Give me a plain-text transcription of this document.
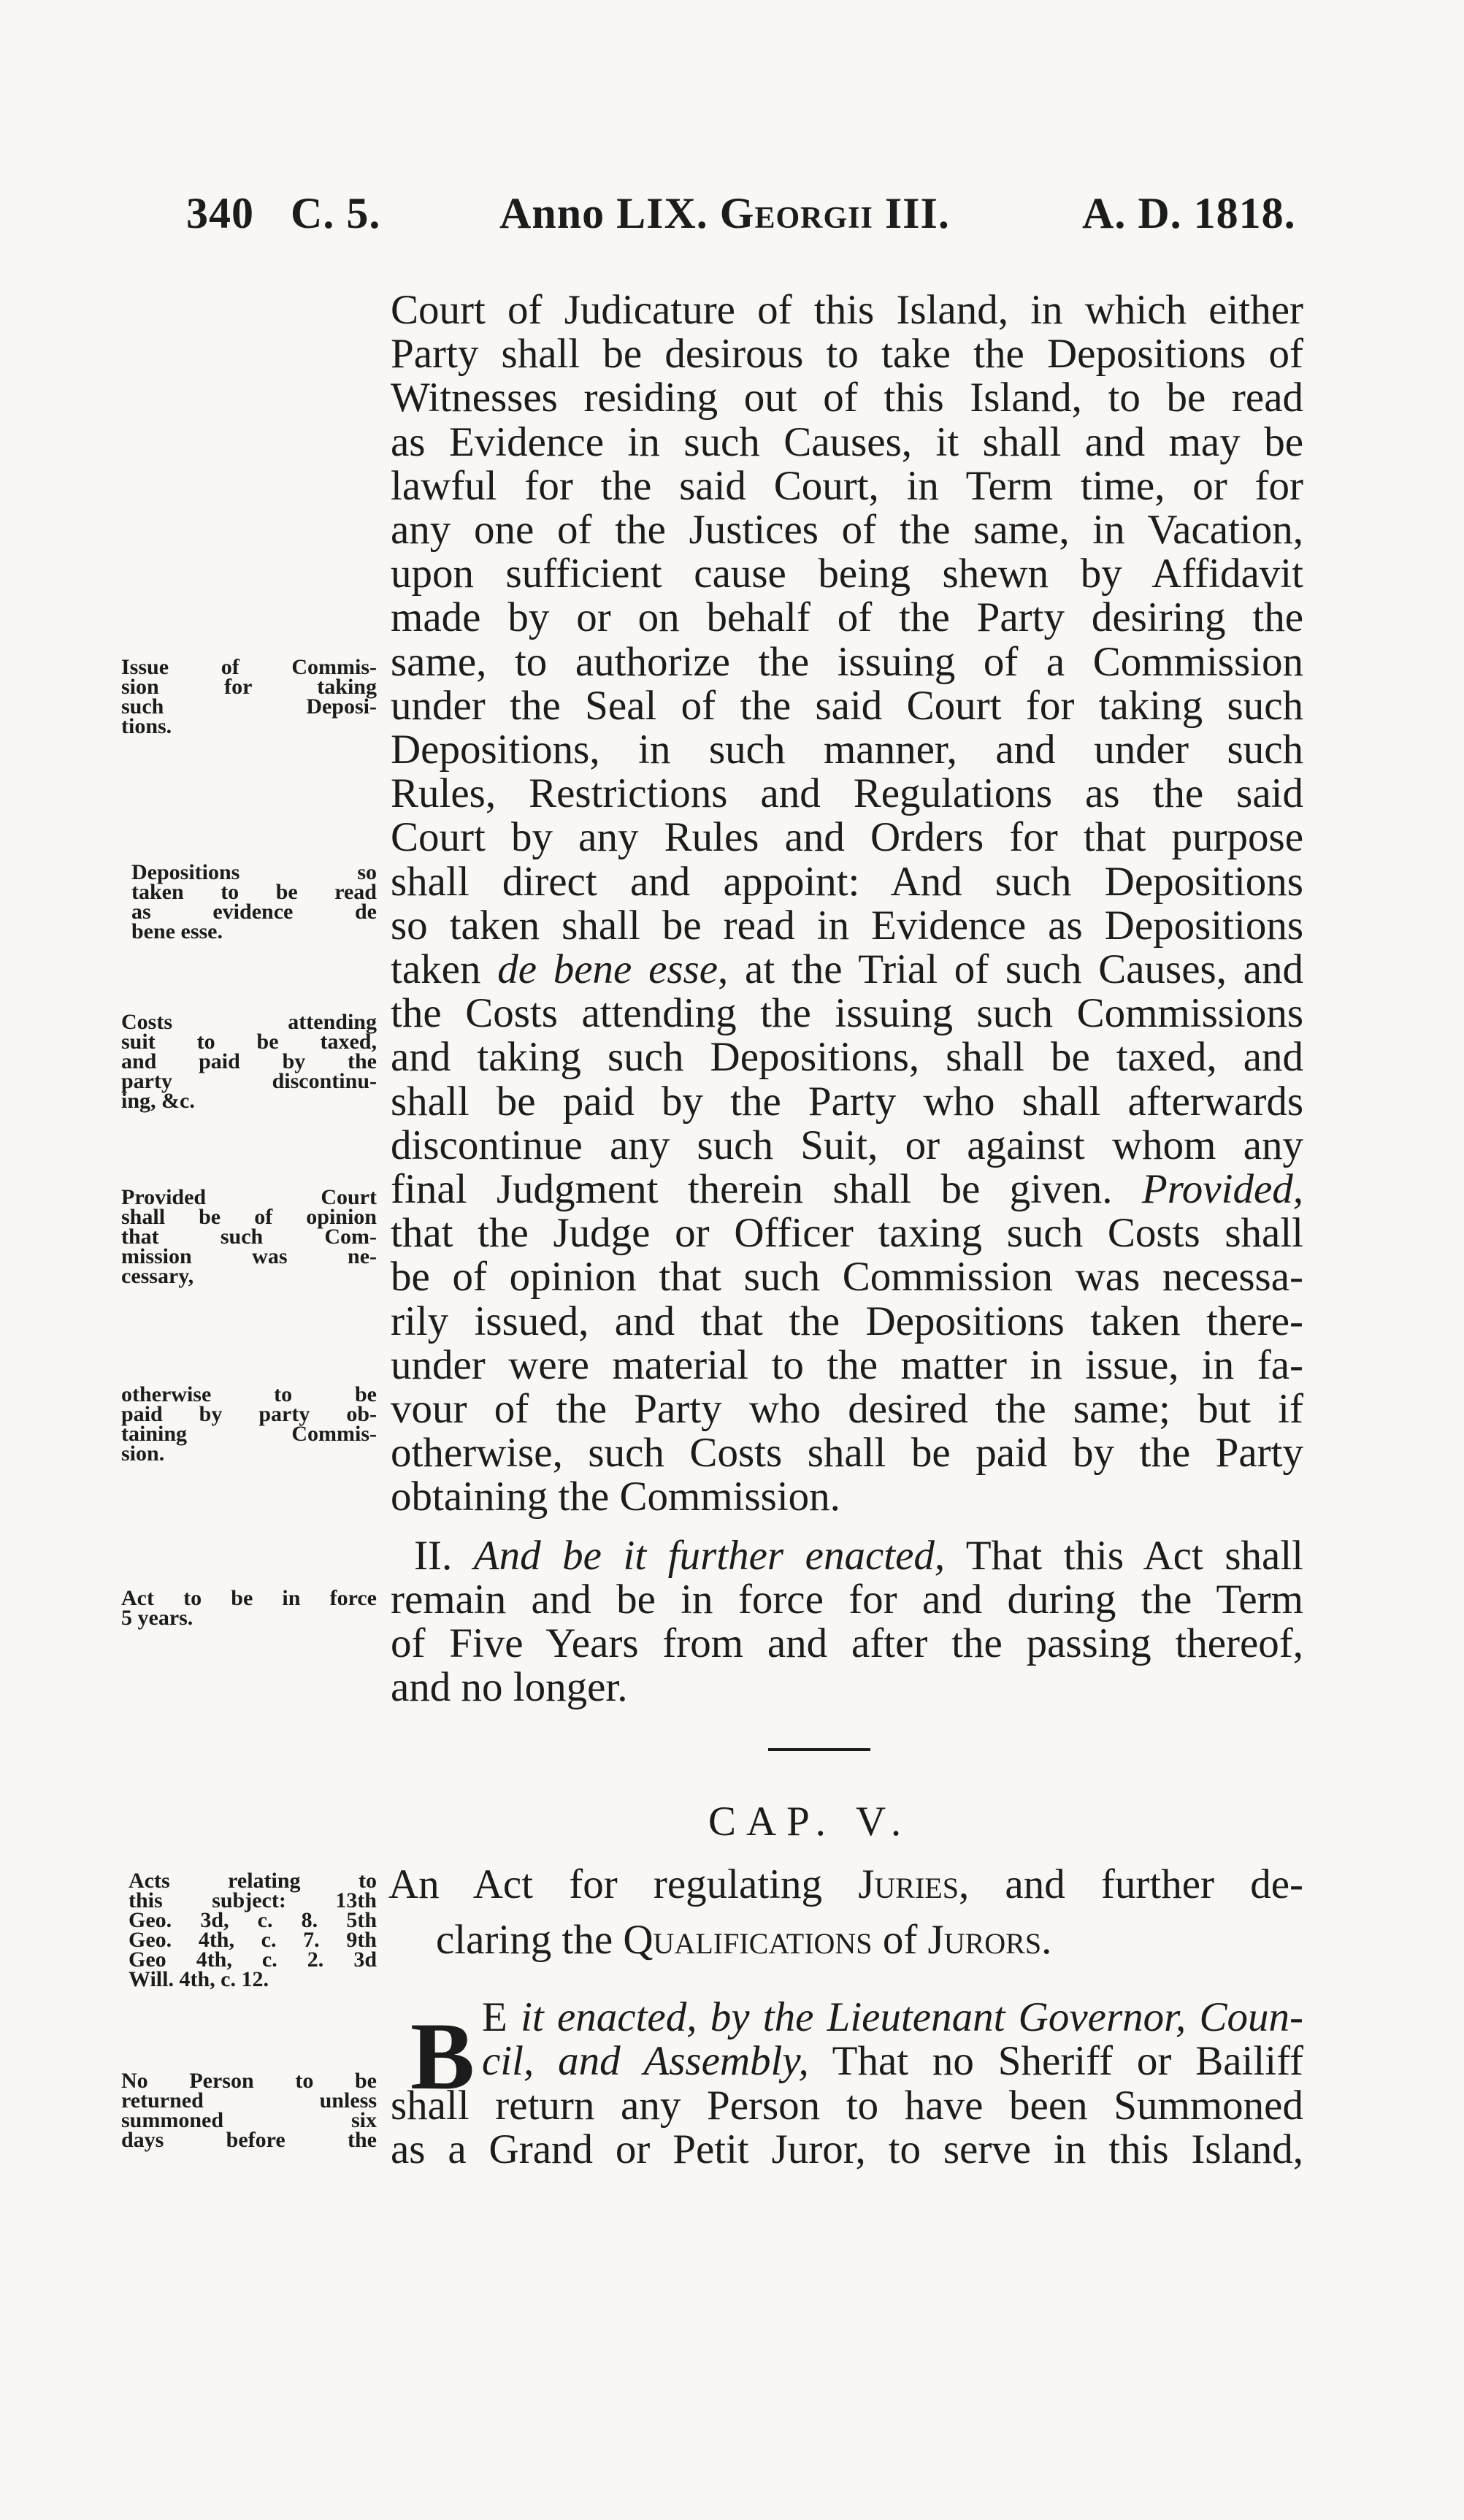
340 C. 5.	Anno LIX. Georgii III.	A. D. 1818.
Court of Judicature of this Island, in which either
Party shall be desirous to take the Depositions of
Witnesses residing out of this Island, to be read
as Evidence in such Causes, it shall and may be
lawful for the said Court, in Term time, or for
any one of the Justices of the same, in Vacation,
upon sufficient cause being shewn by Affidavit
made by or on behalf of the Party desiring the
same, to authorize the issuing of a Commission
under the Seal of the said Court for taking such
Depositions, in such manner, and under such
Rules, Restrictions and Regulations as the said
Court by any Rules and Orders for that purpose
shall direct and appoint: And such Depositions
so taken shall be read in Evidence as Depositions
taken de bene esse, at the Trial of such Causes, and
the Costs attending the issuing such Commissions
and taking such Depositions, shall be taxed, and
shall be paid by the Party who shall afterwards
discontinue any such Suit, or against whom any
final Judgment therein shall be given. Provided,
that the Judge or Officer taxing such Costs shall
be of opinion that such Commission was necessa-
rily issued, and that the Depositions taken there-
under were material to the matter in issue, in fa-
vour of the Party who desired the same; but if
otherwise, such Costs shall be paid by the Party
obtaining the Commission.
II. And be it further enacted, That this Act shall
remain and be in force for and during the Term
of Five Years from and after the passing thereof,
and no longer.
CAP. V.
An Act for regulating Juries, and further de-
claring the Qualifications of Jurors.
B E it enacted, by the Lieutenant Governor, Coun-
cil, and Assembly, That no Sheriff or Bailiff
shall return any Person to have been Summoned
as a Grand or Petit Juror, to serve in this Island,
Issue of Commis-
sion for taking
such Deposi-
tions.
Depositions so
taken to be read
as evidence de
bene esse.
Costs attending
suit to be taxed,
and paid by the
party discontinu-
ing, &c.
Provided Court
shall be of opinion
that such Com-
mission was ne-
cessary,
otherwise to be
paid by party ob-
taining Commis-
sion.
Act to be in force
5 years.
Acts relating to
this subject: 13th
Geo. 3d, c. 8. 5th
Geo. 4th, c. 7. 9th
Geo 4th, c. 2. 3d
Will. 4th, c. 12.
No Person to be
returned unless
summoned six
days before the
